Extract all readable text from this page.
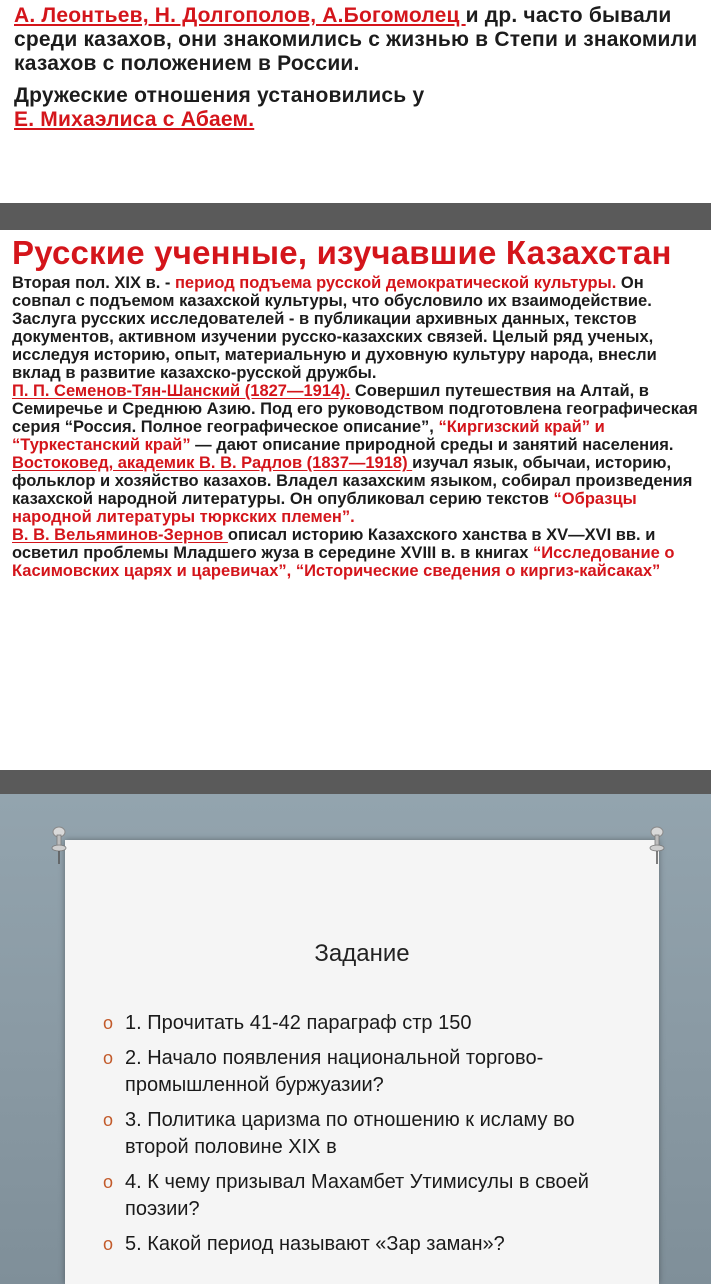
А. Леонтьев, Н. Долгополов, А.Богомолец и др. часто бывали среди казахов, они знакомились с жизнью в Степи и знакомили казахов с положением в России.

Дружеские отношения установились у
Е. Михаэлиса с Абаем.

Русские ученные, изучавшие Казахстан

Вторая пол. XIX в. - период подъема русской демократической культуры. Он совпал с подъемом казахской культуры, что обусловило их взаимодействие. Заслуга русских исследователей - в публикации архивных данных, текстов документов, активном изучении русско-казахских связей. Целый ряд ученых, исследуя историю, опыт, материальную и духовную культуру народа, внесли вклад в развитие казахско-русской дружбы.

П. П. Семенов-Тян-Шанский (1827—1914). Совершил путешествия на Алтай, в Семиречье и Среднюю Азию. Под его руководством подготовлена географическая серия “Россия. Полное географическое описание”, “Киргизский край” и “Туркестанский край” — дают описание природной среды и занятий населения.

Востоковед, академик В. В. Радлов (1837—1918) изучал язык, обычаи, историю, фольклор и хозяйство казахов. Владел казахским языком, собирал произведения казахской народной литературы. Он опубликовал серию текстов “Образцы народной литературы тюркских племен”.

В. В. Вельяминов-Зернов описал историю Казахского ханства в XV—XVI вв. и осветил проблемы Младшего жуза в середине XVIII в. в книгах “Исследование о Касимовских царях и царевичах”, “Исторические сведения о киргиз-кайсаках”

Задание
o 1. Прочитать 41-42 параграф стр 150
o 2. Начало появления национальной торгово-промышленной буржуазии?
o 3. Политика царизма по отношению к исламу во второй половине XIX в
o 4. К чему призывал Махамбет Утимисулы в своей поэзии?
o 5. Какой период называют «Зар заман»?
